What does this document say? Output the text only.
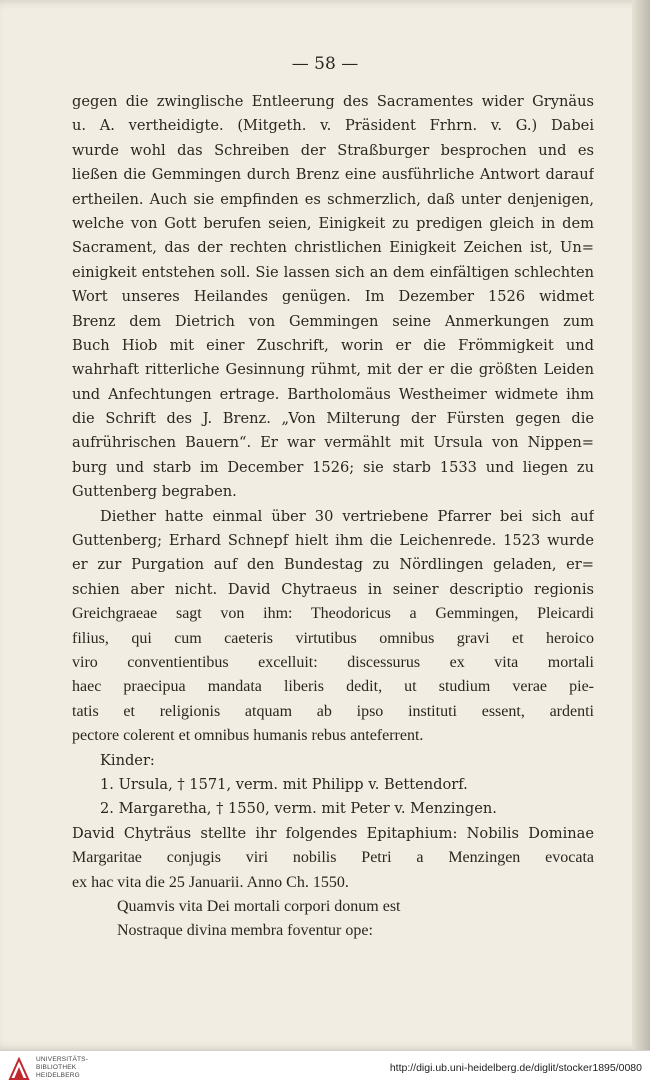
— 58 —
gegen die zwinglische Entleerung des Sacramentes wider Grynäus
u. A. vertheidigte. (Mitgeth. v. Präsident Frhrn. v. G.) Dabei
wurde wohl das Schreiben der Straßburger besprochen und es
ließen die Gemmingen durch Brenz eine ausführliche Antwort darauf
ertheilen. Auch sie empfinden es schmerzlich, daß unter denjenigen,
welche von Gott berufen seien, Einigkeit zu predigen gleich in dem
Sacrament, das der rechten christlichen Einigkeit Zeichen ist, Un=
einigkeit entstehen soll. Sie lassen sich an dem einfältigen schlechten
Wort unseres Heilandes genügen. Im Dezember 1526 widmet
Brenz dem Dietrich von Gemmingen seine Anmerkungen zum
Buch Hiob mit einer Zuschrift, worin er die Frömmigkeit und
wahrhaft ritterliche Gesinnung rühmt, mit der er die größten Leiden
und Anfechtungen ertrage. Bartholomäus Westheimer widmete ihm
die Schrift des J. Brenz. „Von Milterung der Fürsten gegen die
aufrührischen Bauern“. Er war vermählt mit Ursula von Nippen=
burg und starb im December 1526; sie starb 1533 und liegen zu
Guttenberg begraben.
Diether hatte einmal über 30 vertriebene Pfarrer bei sich auf
Guttenberg; Erhard Schnepf hielt ihm die Leichenrede. 1523 wurde
er zur Purgation auf den Bundestag zu Nördlingen geladen, er=
schien aber nicht. David Chytraeus in seiner descriptio regionis
Greichgraeae sagt von ihm: Theodoricus a Gemmingen, Pleicardi
filius, qui cum caeteris virtutibus omnibus gravi et heroico
viro conventientibus excelluit: discessurus ex vita mortali
haec praecipua mandata liberis dedit, ut studium verae pie-
tatis et religionis atquam ab ipso instituti essent, ardenti
pectore colerent et omnibus humanis rebus anteferrent.
Kinder:
1. Ursula, † 1571, verm. mit Philipp v. Bettendorf.
2. Margaretha, † 1550, verm. mit Peter v. Menzingen.
David Chyträus stellte ihr folgendes Epitaphium: Nobilis Dominae
Margaritae conjugis viri nobilis Petri a Menzingen evocata
ex hac vita die 25 Januarii. Anno Ch. 1550.
Quamvis vita Dei mortali corpori donum est
Nostraque divina membra foventur ope:
UNIVERSITÄTS-
BIBLIOTHEK
HEIDELBERG
http://digi.ub.uni-heidelberg.de/diglit/stocker1895/0080
